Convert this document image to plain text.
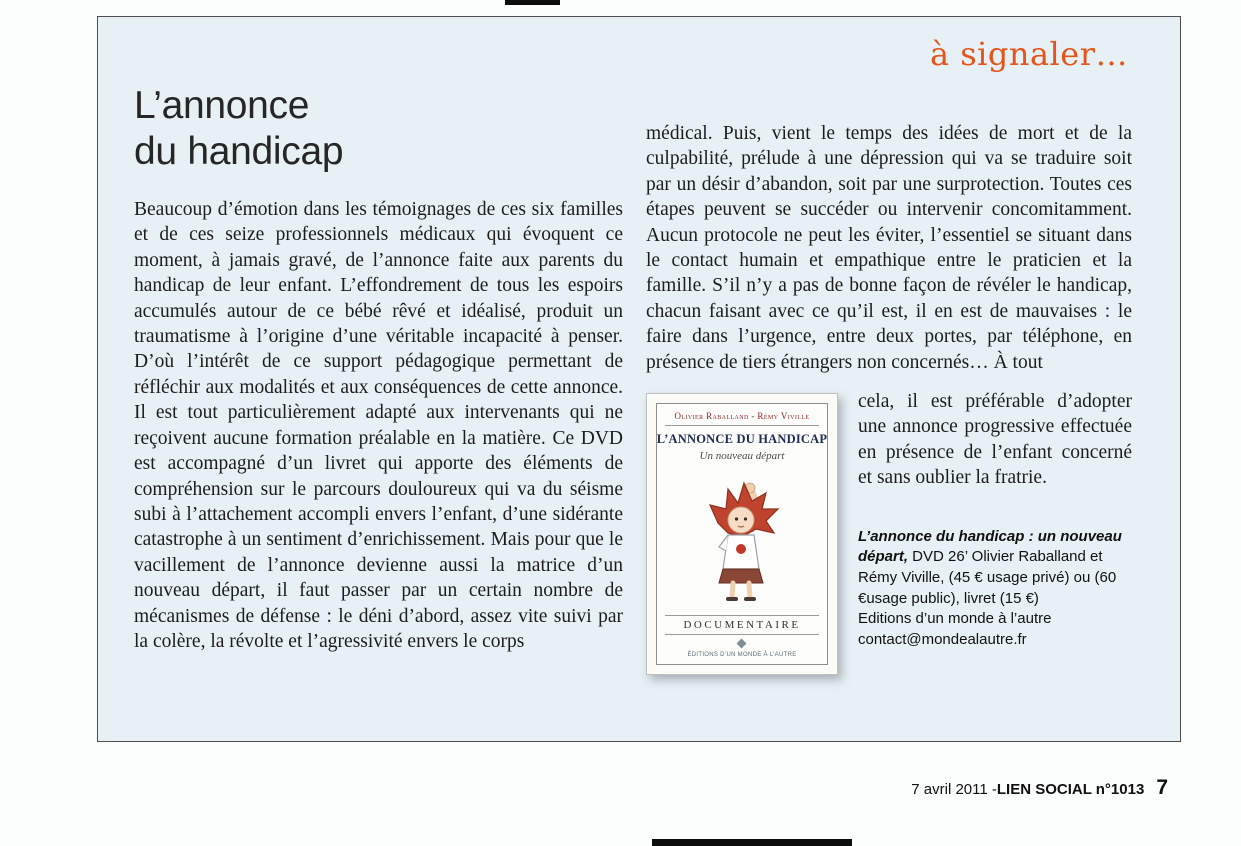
à signaler…
L’annonce
du handicap

Beaucoup d’émotion dans les témoignages de ces six familles et de ces seize professionnels médicaux qui évoquent ce moment, à jamais gravé, de l’annonce faite aux parents du handicap de leur enfant. L’effondrement de tous les espoirs accumulés autour de ce bébé rêvé et idéalisé, produit un traumatisme à l’origine d’une véritable incapacité à penser. D’où l’intérêt de ce support pédagogique permettant de réfléchir aux modalités et aux conséquences de cette annonce. Il est tout particulièrement adapté aux intervenants qui ne reçoivent aucune formation préalable en la matière. Ce DVD est accompagné d’un livret qui apporte des éléments de compréhension sur le parcours douloureux qui va du séisme subi à l’attachement accompli envers l’enfant, d’une sidérante catastrophe à un sentiment d’enrichissement. Mais pour que le vacillement de l’annonce devienne aussi la matrice d’un nouveau départ, il faut passer par un certain nombre de mécanismes de défense : le déni d’abord, assez vite suivi par la colère, la révolte et l’agressivité envers le corps

médical. Puis, vient le temps des idées de mort et de la culpabilité, prélude à une dépression qui va se traduire soit par un désir d’abandon, soit par une surprotection. Toutes ces étapes peuvent se succéder ou intervenir concomitamment. Aucun protocole ne peut les éviter, l’essentiel se situant dans le contact humain et empathique entre le praticien et la famille. S’il n’y a pas de bonne façon de révéler le handicap, chacun faisant avec ce qu’il est, il en est de mauvaises : le faire dans l’urgence, entre deux portes, par téléphone, en présence de tiers étrangers non concernés… À tout

Olivier Raballand - Rémy Viville
L’ANNONCE DU HANDICAP
Un nouveau départ
DOCUMENTAIRE

ÉDITIONS D’UN MONDE À L’AUTRE

cela, il est préférable d’adopter une annonce progressive effectuée en présence de l’enfant concerné et sans oublier la fratrie.

L’annonce du handicap : un nouveau départ, DVD 26’ Olivier Raballand et Rémy Viville, (45 € usage privé) ou (60 €usage public), livret (15 €)
Editions d’un monde à l’autre
contact@mondealautre.fr
7 avril 2011 - LIEN SOCIAL n°1013 7
